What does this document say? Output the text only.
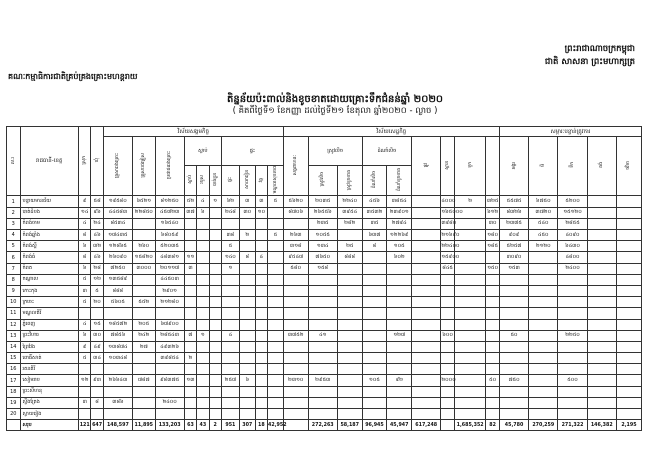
ព្រះរាជាណាចក្រកម្ពុជា
ជាតិ សាសនា ព្រះមហាក្សត្រ
គណៈកម្មាធិការជាតិគ្រប់គ្រងគ្រោះមហន្តរាយ
តិន្នន័យប៉ះពាល់និងខូចខាតដោយគ្រោះទឹកជំនន់ឆ្នាំ ២០២០
( គិតពីថ្ងៃទី១ ខែកញ្ញា ដល់ថ្ងៃទី២១ ខែតុលា ឆ្នាំ២០២០ - ល្ងាច )
ល.រ	រាជធានី-ខេត្ត	ស្រុក	ឃុំ	វិស័យសង្គមកិច្ច										វិស័យសេដ្ឋកិច្ច									សម្ភារៈបន្ទាន់ត្រូវការ				
				គ្រួសាររងគ្រោះ	គ្រួសារជម្លៀស	ប្រជាជនរងគ្រោះ	ស្លាប់			ផ្ទះ				សត្វពាហនៈ	ស្រូវលិច		ដំណាំលិច		ផ្លូវ	ស្ពាន	ទូក		អង្ករ	មី	ទឹក	តង់	ថវិកា
							ស្លាប់	របួស	បាត់ខ្លួន	ផ្ទះ	សាលារៀន	វត្ត	មណ្ឌលសុខភាព		ស្រូវលិច	ស្រូវខូចខាត	ដំណាំលិច	ដំណាំខូចខាត									
1	បន្ទាយមានជ័យ	៩	៥៨	១៩៥៨០	៦៥២១	៨១២៥០	៥២	៤	១	៦២	៣	៣	៥	៥៦២០	២០៣៥	២២៤០	៤៥៦	៣៨៥៤		៤០០០	២	៣២៥	៥៥៧៥	៦៧៥០	៥២០០		
2	បាត់ដំបង	១៤	៩៦	៤៤៥៨៣	២២៨៥០	៤៥៧២៣	៣៧	៦		២៤៨	៣០	១០		៨៧០៦	២៦៥៥៦	៣៩៥៤	៣៥៣២	២៣៩០១		១៦៥០០០		៦១២	៨៣២៦	៣៧២០	១៥១២០		
3	កំពង់ចាម	៤	២៤	៨៥៣៤		១៦៥៤០									២៣៥	២៨២	៣៥	២៧៩៤		៣៩៨០		៣០	២៣៧៥	៥៤០	២៨៥៥		
4	កំពង់ឆ្នាំង	៨	៤៦	១៧៤៣៥		៦៨០៥៩				៣៨	២		៥	២៦៣	១០៥៥		៦៣៧	១២២៦៩		២១៦៩០		១៨០	៩០៩	៤៥០	៤០៩០		
5	កំពង់ស្ពឺ	៦	៣២	១២៨៦៥	២៦០	៥២០៣៥				៥				៣១៨	១៣៤	២៥	៨	១០៥		២២៤០០		១៨៥	៥២៥៧	២១២០	៦៤៣០		
6	កំពង់ធំ	៨	៤៦	២៦០៩០	១៥៨២០	៤៨៣៨១	១១			១៤០	៨	៤		៩៥៤៧	៧៦៥០	៨៨៨		៦០២		១៥៩០០			៣០៩០		៤៨០០		
7	កំពត	៦	២៨	៧២៥០	៣០០០	២០១១៧	៣			១				៥៨០	១៥៨					៨៤៥		១៥០	១៥៣		២៤០០		
8	កណ្ដាល	៥	១២	១៣៥៨៩		៤៤៥០៣																					
9	កោះកុង	៣	៥	៨៨៨		២៩០១																					
10	ក្រចេះ	៥	២០	៥៦០៥	៥៥២	២១២៨០																					
11	មណ្ឌលគិរី																										
12	ភ្នំពេញ	៤	១៥	១៨៥៧២	២០៥	៦៧៩០០																					
13	ព្រះវិហារ	៦	៣០	៧៨៥៦	២៤២	២៨៥៤៣	៧	១		៤				៣៧៥២	៤១			១២៧		៦០០			៥០		២២៥០		
14	ព្រៃវែង	៩	៤៩	១៣៨៧៤	២៧	៤៩៣២៦																					
15	ពោធិ៍សាត់	៥	៣៤	១០៣៤៨		៣៩៨៥៤	២																				
16	រតនគិរី																										
17	សៀមរាប	១២	៩៣	២៦៦៤៣	៧៨៧	៩៨៣៧៥	១៣			២៥៧	៦			២៣១០	២៩៥៣		១០៥	៩២		២០០០		៥០	៧៥០		៥០០		
18	ព្រះសីហនុ																										
19	ស្ទឹងត្រែង	៣	៨	៣៨៦		២៤០០																					
20	ស្វាយរៀង																										
	សរុប	121	647	148,597	11,895	133,203	63	43	2	951	307	18	42,952		272,263	58,187	96,945	45,947	617,248		1,685,352	82	45,780	270,259	271,322	146,382	2,195
